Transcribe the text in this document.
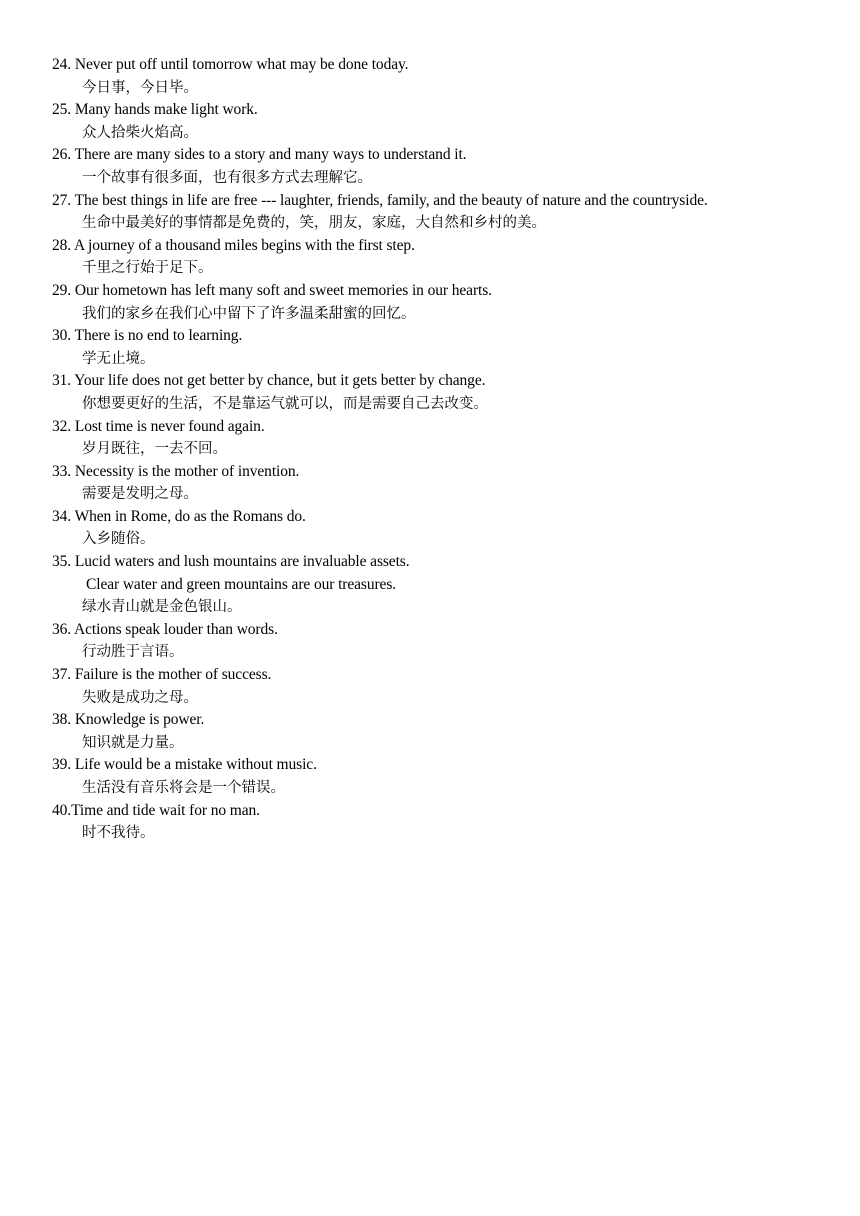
24. Never put off until tomorrow what may be done today.
今日事，今日毕。
25. Many hands make light work.
众人拾柴火焰高。
26. There are many sides to a story and many ways to understand it.
一个故事有很多面，也有很多方式去理解它。
27. The best things in life are free --- laughter, friends, family, and the beauty of nature and the countryside.
生命中最美好的事情都是免费的，笑，朋友，家庭，大自然和乡村的美。
28. A journey of a thousand miles begins with the first step.
千里之行始于足下。
29. Our hometown has left many soft and sweet memories in our hearts.
我们的家乡在我们心中留下了许多温柔甜蜜的回忆。
30. There is no end to learning.
学无止境。
31. Your life does not get better by chance, but it gets better by change.
你想要更好的生活，不是靠运气就可以，而是需要自己去改变。
32. Lost time is never found again.
岁月既往，一去不回。
33. Necessity is the mother of invention.
需要是发明之母。
34. When in Rome, do as the Romans do.
入乡随俗。
35. Lucid waters and lush mountains are invaluable assets.
Clear water and green mountains are our treasures.
绿水青山就是金色银山。
36. Actions speak louder than words.
行动胜于言语。
37. Failure is the mother of success.
失败是成功之母。
38. Knowledge is power.
知识就是力量。
39. Life would be a mistake without music.
生活没有音乐将会是一个错误。
40.Time and tide wait for no man.
时不我待。
